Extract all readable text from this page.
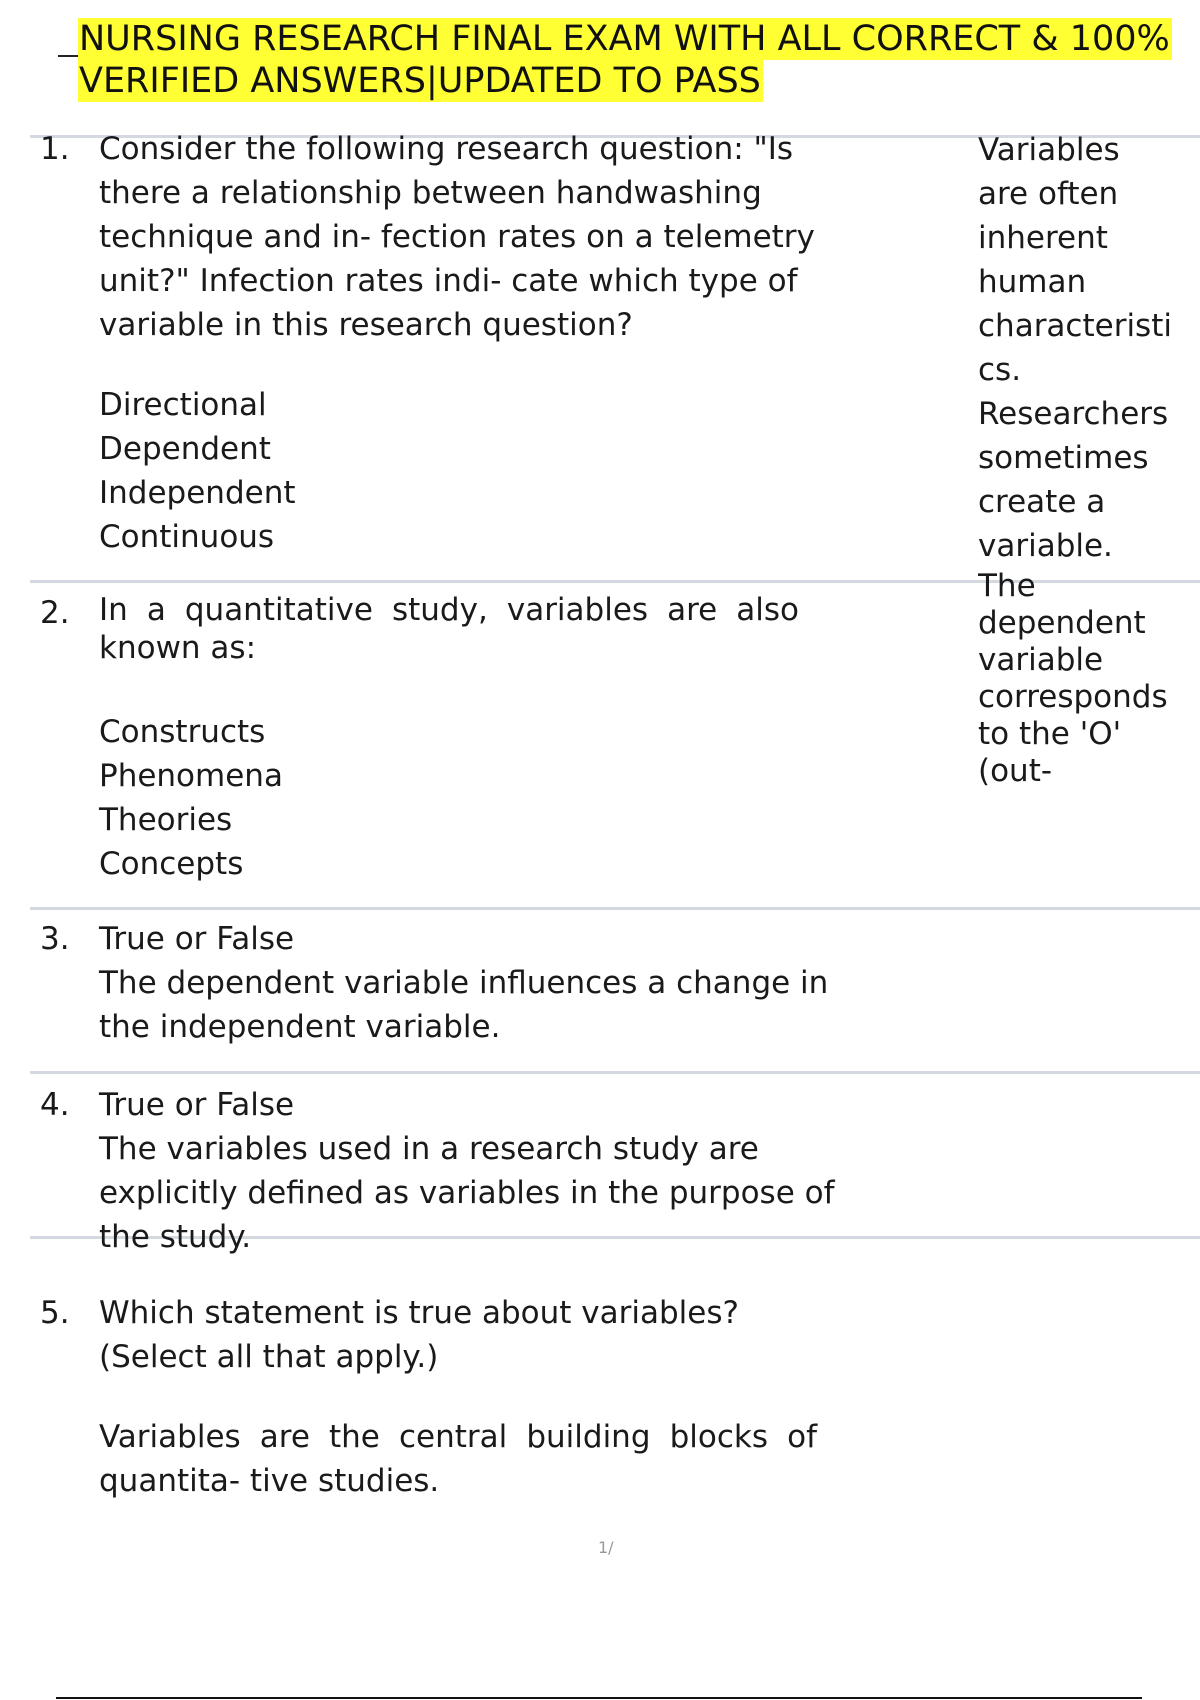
NURSING RESEARCH FINAL EXAM WITH ALL CORRECT & 100%
VERIFIED ANSWERS|UPDATED TO PASS
1. Consider the following research question: "Is
there a relationship between handwashing
technique and in- fection rates on a telemetry
unit?" Infection rates indi- cate which type of
variable in this research question?
Directional
Dependent
Independent
Continuous
2. In a quantitative study, variables are also
known as:
Constructs
Phenomena
Theories
Concepts
3. True or False
The dependent variable influences a change in
the independent variable.
4. True or False
The variables used in a research study are
explicitly defined as variables in the purpose of
the study.
5. Which statement is true about variables?
(Select all that apply.)
Variables are the central building blocks of
quantita- tive studies.
Variables
are often
inherent
human
characteristi
cs.
Researchers
sometimes
create a
variable.
The
dependent
variable
corresponds
to the 'O'
(out-
1/
